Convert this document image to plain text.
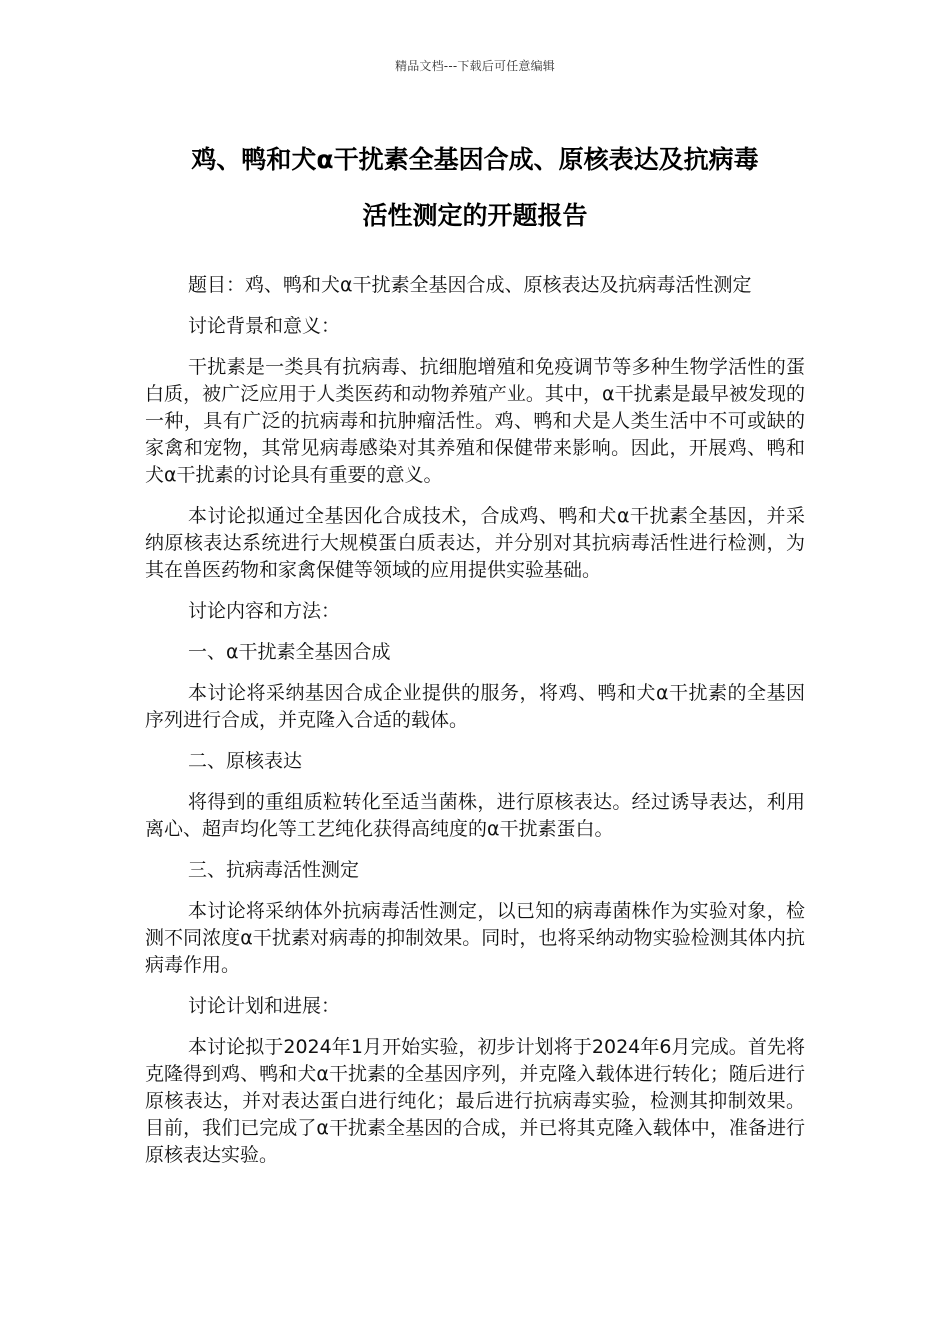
精品文档---下载后可任意编辑
鸡、鸭和犬α干扰素全基因合成、原核表达及抗病毒
活性测定的开题报告

题目：鸡、鸭和犬α干扰素全基因合成、原核表达及抗病毒活性测定

讨论背景和意义：

干扰素是一类具有抗病毒、抗细胞增殖和免疫调节等多种生物学活性的蛋白质，被广泛应用于人类医药和动物养殖产业。其中，α干扰素是最早被发现的一种，具有广泛的抗病毒和抗肿瘤活性。鸡、鸭和犬是人类生活中不可或缺的家禽和宠物，其常见病毒感染对其养殖和保健带来影响。因此，开展鸡、鸭和犬α干扰素的讨论具有重要的意义。

本讨论拟通过全基因化合成技术，合成鸡、鸭和犬α干扰素全基因，并采纳原核表达系统进行大规模蛋白质表达，并分别对其抗病毒活性进行检测，为其在兽医药物和家禽保健等领域的应用提供实验基础。

讨论内容和方法：

一、α干扰素全基因合成

本讨论将采纳基因合成企业提供的服务，将鸡、鸭和犬α干扰素的全基因序列进行合成，并克隆入合适的载体。

二、原核表达

将得到的重组质粒转化至适当菌株，进行原核表达。经过诱导表达，利用离心、超声均化等工艺纯化获得高纯度的α干扰素蛋白。

三、抗病毒活性测定

本讨论将采纳体外抗病毒活性测定，以已知的病毒菌株作为实验对象，检测不同浓度α干扰素对病毒的抑制效果。同时，也将采纳动物实验检测其体内抗病毒作用。

讨论计划和进展：

本讨论拟于2024年1月开始实验，初步计划将于2024年6月完成。首先将克隆得到鸡、鸭和犬α干扰素的全基因序列，并克隆入载体进行转化；随后进行原核表达，并对表达蛋白进行纯化；最后进行抗病毒实验，检测其抑制效果。目前，我们已完成了α干扰素全基因的合成，并已将其克隆入载体中，准备进行原核表达实验。
